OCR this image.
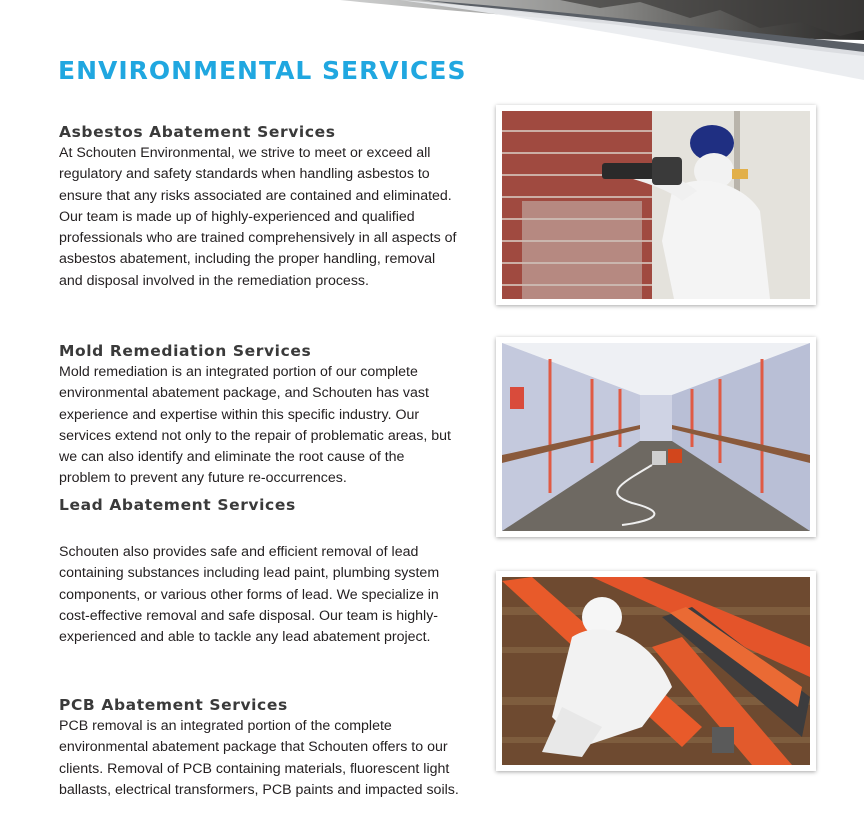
ENVIRONMENTAL SERVICES
Asbestos Abatement Services

At Schouten Environmental, we strive to meet or exceed all regulatory and safety standards when handling asbestos to ensure that any risks associated are contained and eliminated. Our team is made up of highly-experienced and qualified professionals who are trained comprehensively in all aspects of asbestos abatement, including the proper handling, removal and disposal involved in the remediation process.

Mold Remediation Services

Mold remediation is an integrated portion of our complete environmental abatement package, and Schouten has vast experience and expertise within this specific industry. Our services extend not only to the repair of problematic areas, but we can also identify and eliminate the root cause of the problem to prevent any future re-occurrences.

Lead Abatement Services

Schouten also provides safe and efficient removal of lead containing substances including lead paint, plumbing system components, or various other forms of lead. We specialize in cost-effective removal and safe disposal. Our team is highly-experienced and able to tackle any lead abatement project.

PCB Abatement Services

PCB removal is an integrated portion of the complete environmental abatement package that Schouten offers to our clients. Removal of PCB containing materials, fluorescent light ballasts, electrical transformers, PCB paints and impacted soils.
